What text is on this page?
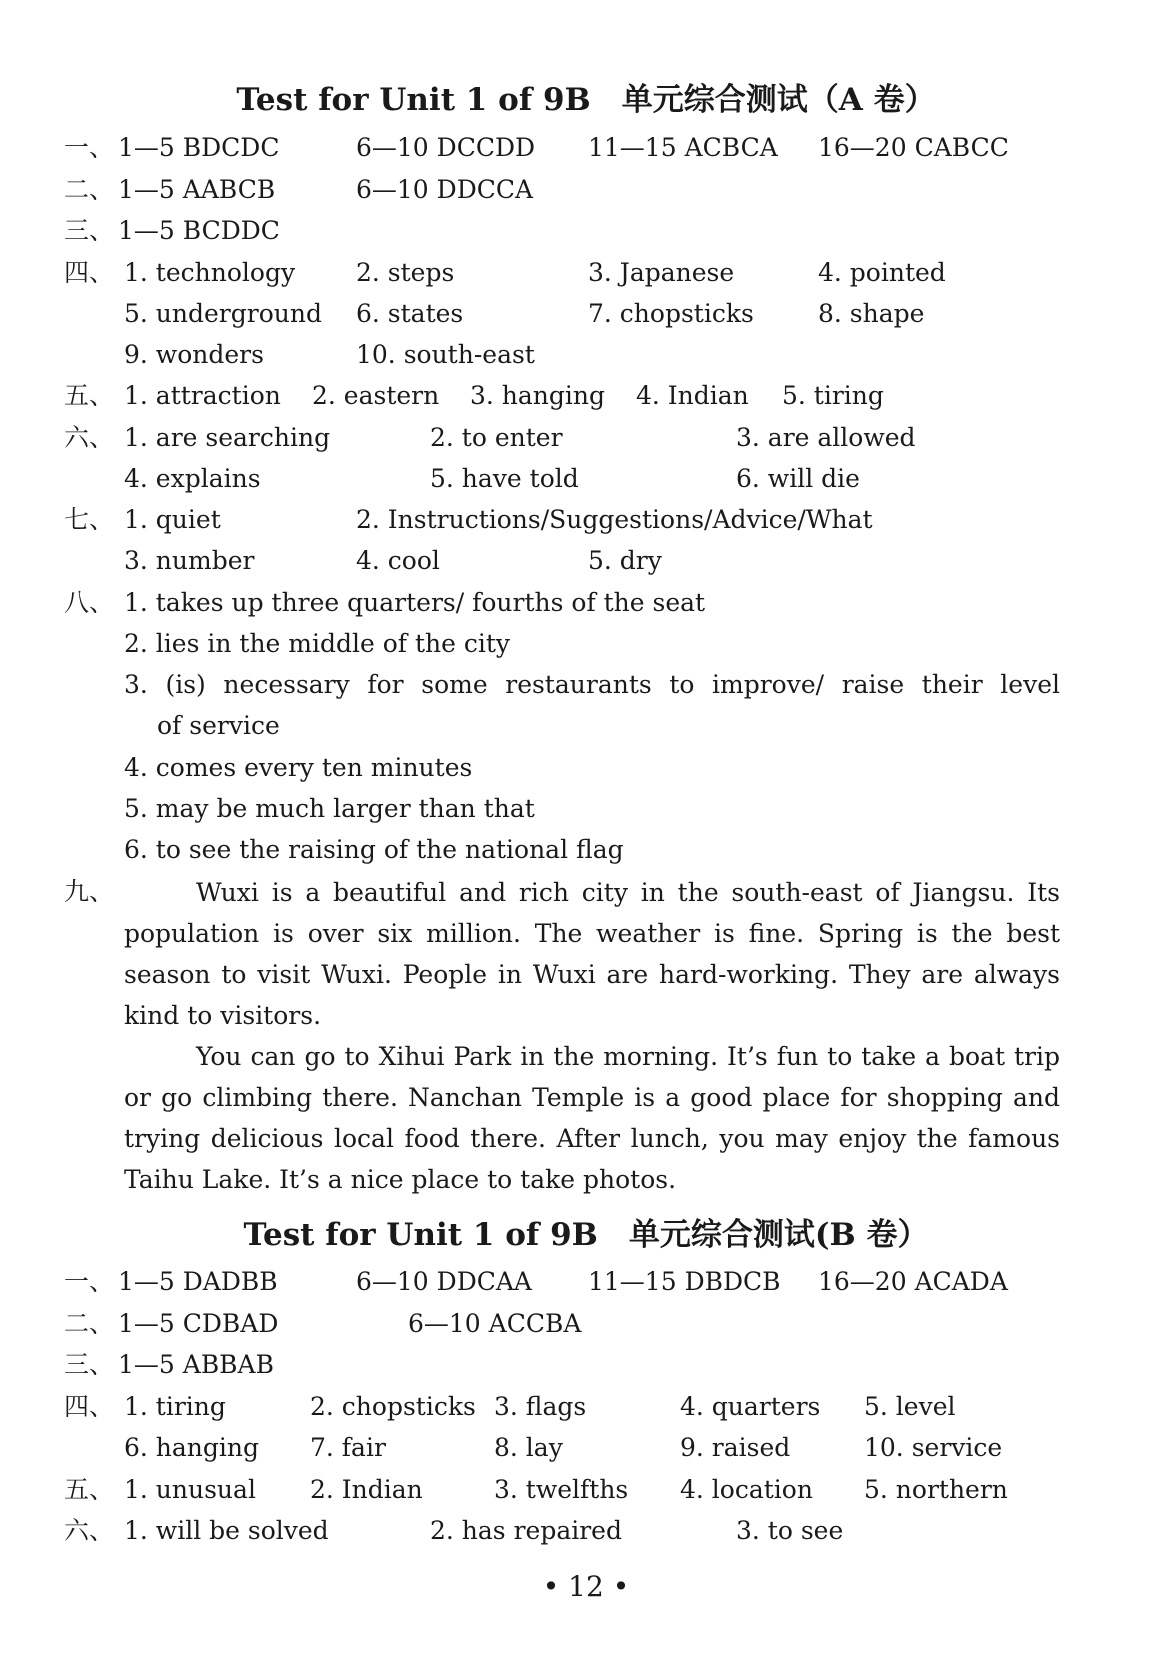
Test for Unit 1 of 9B　单元综合测试（A 卷）
一、 1—5 BDCDC	6—10 DCCDD 11—15 ACBCA 16—20 CABCC
二、 1—5 AABCB	6—10 DDCCA
三、 1—5 BCDDC
四、 1. technology 2. steps	3. Japanese	4. pointed
5. underground 6. states	7. chopsticks	8. shape
9. wonders	10. south-east
五、 1. attraction 2. eastern 3. hanging 4. Indian 5. tiring
六、 1. are searching	2. to enter	3. are allowed
4. explains	5. have told	6. will die
七、 1. quiet	2. Instructions/Suggestions/Advice/What
3. number	4. cool	5. dry
八、 1. takes up three quarters/ fourths of the seat
2. lies in the middle of the city
3. (is) necessary for some restaurants to improve/ raise their level
of service
4. comes every ten minutes
5. may be much larger than that
6. to see the raising of the national flag
九、	Wuxi is a beautiful and rich city in the south-east of Jiangsu. Its population is over six million. The weather is fine. Spring is the best season to visit Wuxi. People in Wuxi are hard-working. They are always kind to visitors.

You can go to Xihui Park in the morning. It’s fun to take a boat trip or go climbing there. Nanchan Temple is a good place for shopping and trying delicious local food there. After lunch, you may enjoy the famous Taihu Lake. It’s a nice place to take photos.

Test for Unit 1 of 9B　单元综合测试(B 卷）
一、 1—5 DADBB	6—10 DDCAA 11—15 DBDCB 16—20 ACADA
二、 1—5 CDBAD	6—10 ACCBA
三、 1—5 ABBAB
四、 1. tiring	2. chopsticks 3. flags	4. quarters 5. level
6. hanging 7. fair	8. lay	9. raised	10. service
五、 1. unusual 2. Indian	3. twelfths 4. location 5. northern
六、 1. will be solved	2. has repaired	3. to see
• 12 •
